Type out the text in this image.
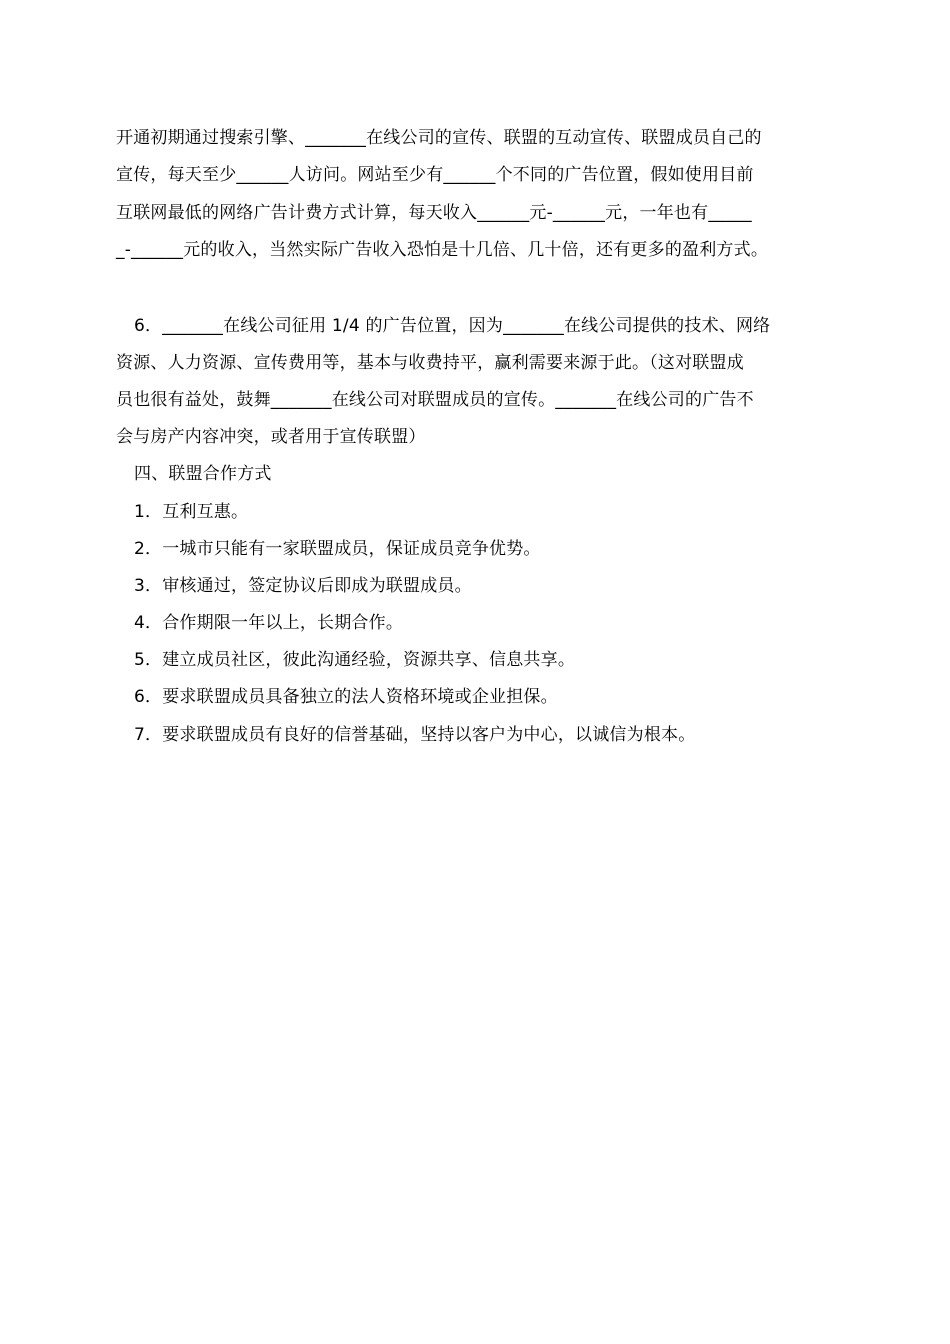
开通初期通过搜索引擎、_______在线公司的宣传、联盟的互动宣传、联盟成员自己的
宣传，每天至少______人访问。网站至少有______个不同的广告位置，假如使用目前
互联网最低的网络广告计费方式计算，每天收入______元-______元，一年也有_____
_-______元的收入，当然实际广告收入恐怕是十几倍、几十倍，还有更多的盈利方式。
6．_______在线公司征用 1/4 的广告位置，因为_______在线公司提供的技术、网络
资源、人力资源、宣传费用等，基本与收费持平，赢利需要来源于此。（这对联盟成
员也很有益处，鼓舞_______在线公司对联盟成员的宣传。_______在线公司的广告不
会与房产内容冲突，或者用于宣传联盟）
四、联盟合作方式
1．互利互惠。
2．一城市只能有一家联盟成员，保证成员竞争优势。
3．审核通过，签定协议后即成为联盟成员。
4．合作期限一年以上，长期合作。
5．建立成员社区，彼此沟通经验，资源共享、信息共享。
6．要求联盟成员具备独立的法人资格环境或企业担保。
7．要求联盟成员有良好的信誉基础，坚持以客户为中心，以诚信为根本。
